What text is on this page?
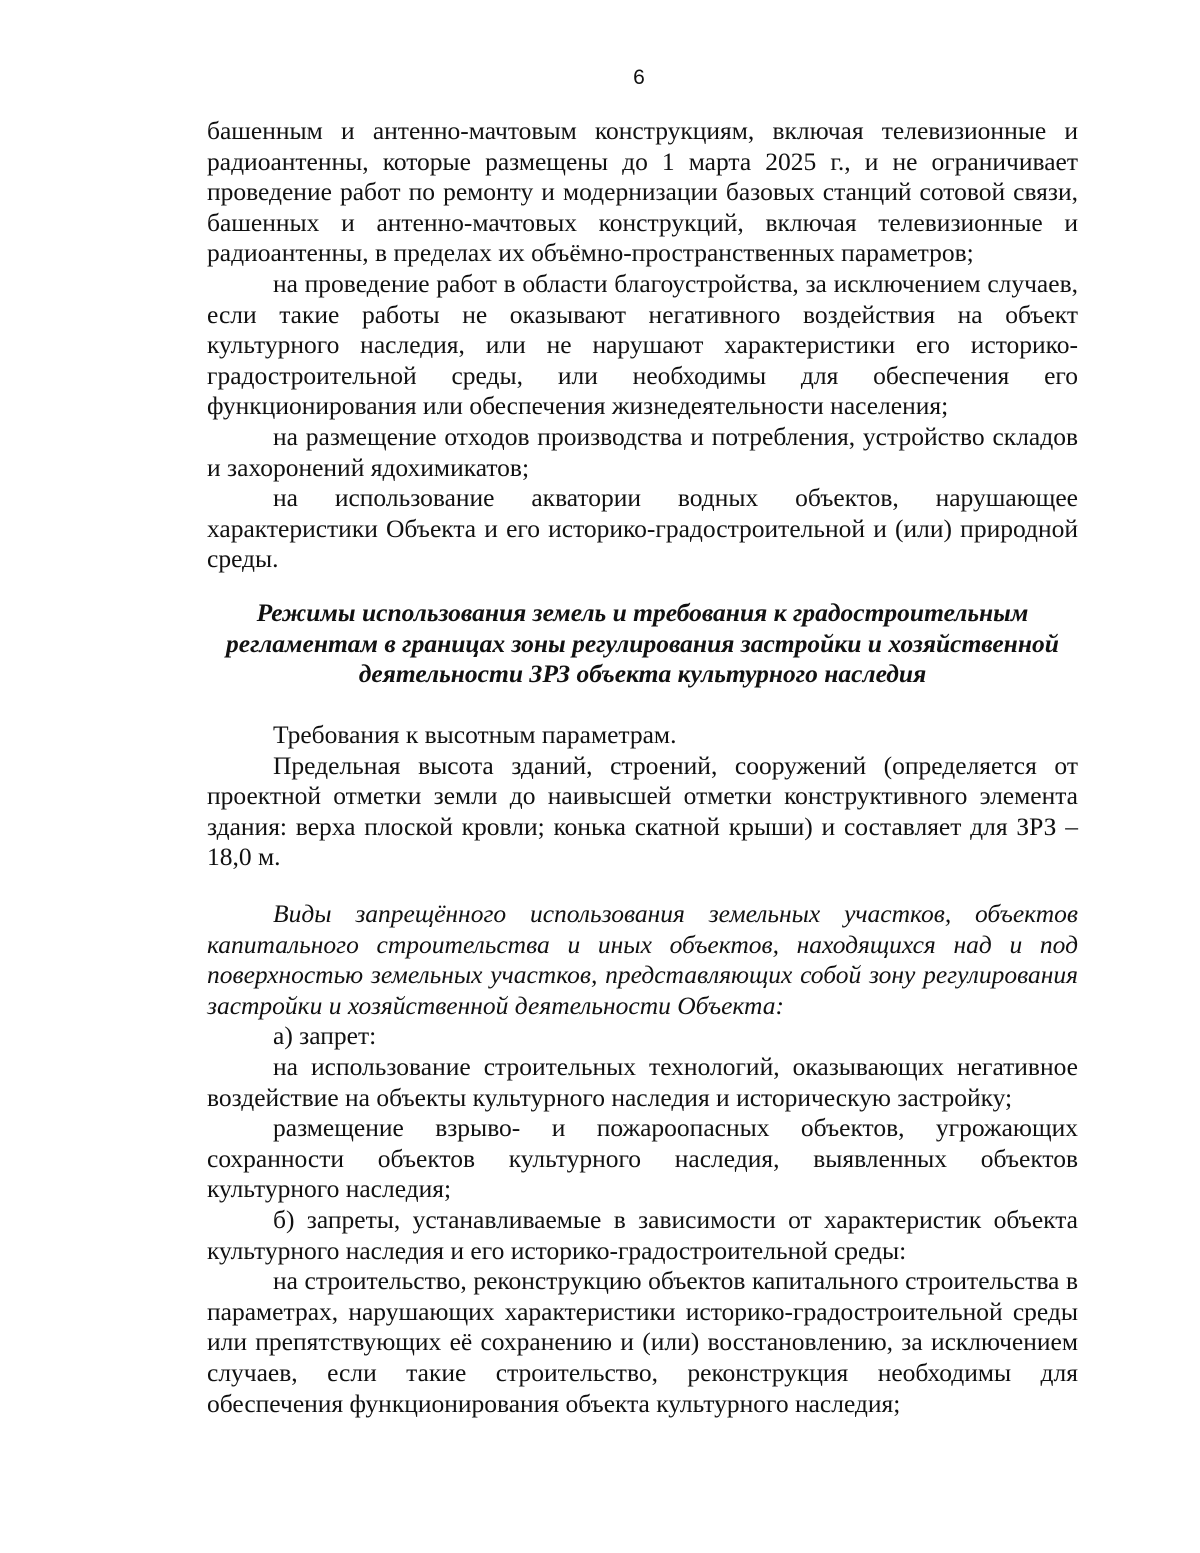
6

башенным и антенно-мачтовым конструкциям, включая телевизионные и радиоантенны, которые размещены до 1 марта 2025 г., и не ограничивает проведение работ по ремонту и модернизации базовых станций сотовой связи, башенных и антенно-мачтовых конструкций, включая телевизионные и радиоантенны, в пределах их объёмно-пространственных параметров;

на проведение работ в области благоустройства, за исключением случаев, если такие работы не оказывают негативного воздействия на объект культурного наследия, или не нарушают характеристики его историко-градостроительной среды, или необходимы для обеспечения его функционирования или обеспечения жизнедеятельности населения;

на размещение отходов производства и потребления, устройство складов и захоронений ядохимикатов;

на использование акватории водных объектов, нарушающее характеристики Объекта и его историко-градостроительной и (или) природной среды.

Режимы использования земель и требования к градостроительным регламентам в границах зоны регулирования застройки и хозяйственной деятельности ЗРЗ объекта культурного наследия

Требования к высотным параметрам.

Предельная высота зданий, строений, сооружений (определяется от проектной отметки земли до наивысшей отметки конструктивного элемента здания: верха плоской кровли; конька скатной крыши) и составляет для ЗРЗ – 18,0 м.

Виды запрещённого использования земельных участков, объектов капитального строительства и иных объектов, находящихся над и под поверхностью земельных участков, представляющих собой зону регулирования застройки и хозяйственной деятельности Объекта:

а) запрет:

на использование строительных технологий, оказывающих негативное воздействие на объекты культурного наследия и историческую застройку;

размещение взрыво- и пожароопасных объектов, угрожающих сохранности объектов культурного наследия, выявленных объектов культурного наследия;

б) запреты, устанавливаемые в зависимости от характеристик объекта культурного наследия и его историко-градостроительной среды:

на строительство, реконструкцию объектов капитального строительства в параметрах, нарушающих характеристики историко-градостроительной среды или препятствующих её сохранению и (или) восстановлению, за исключением случаев, если такие строительство, реконструкция необходимы для обеспечения функционирования объекта культурного наследия;
